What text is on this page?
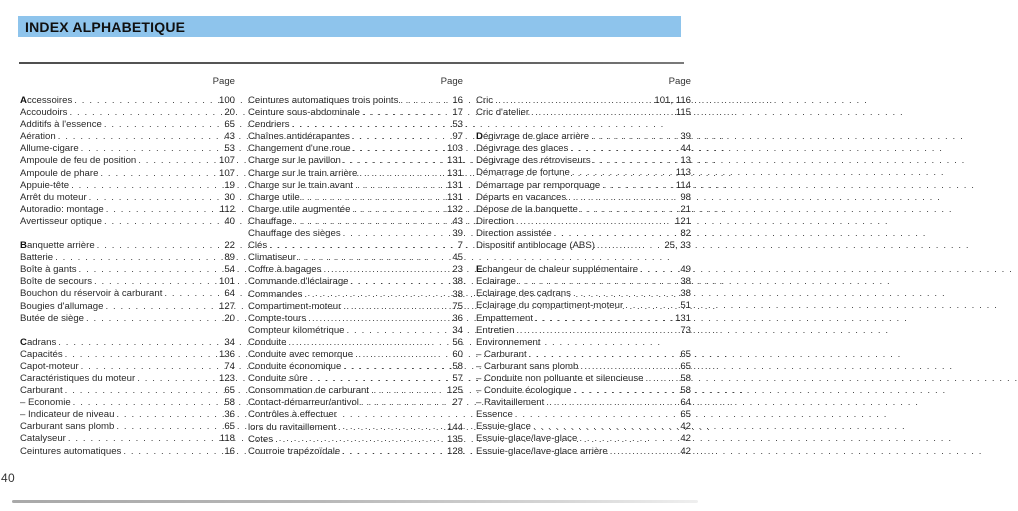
INDEX ALPHABETIQUE
Page
Accessoires . . .	100
Accoudoirs . . .	20
Additifs à l'essence . . .	65
Aération . . .	43
Allume-cigare . . .	53
Ampoule de feu de position . . .	107
Ampoule de phare . . .	107
Appuie-tête . . .	19
Arrêt du moteur . . .	30
Autoradio: montage . . .	112
Avertisseur optique . . .	40
Banquette arrière . . .	22
Batterie . . .	89
Boîte à gants . . .	54
Boîte de secours . . .	101
Bouchon du réservoir à carburant . . .	64
Bougies d'allumage . . .	127
Butée de siège . . .	20
Cadrans . . .	34
Capacités . . .	136
Capot-moteur . . .	74
Caractéristiques du moteur . . .	123
Carburant . . .	65
– Economie . . .	58
– Indicateur de niveau . . .	36
Carburant sans plomb . . .	65
Catalyseur . . .	118
Ceintures automatiques . . .	16
Page
Ceintures automatiques trois points . . .	16
Ceinture sous-abdominale . . .	17
Cendriers . . .	53
Chaînes antidérapantes . . .	97
Changement d'une roue . . .	103
Charge sur le pavillon . . .	131
Charge sur le train arrière . . .	131
Charge sur le train avant . . .	131
Charge utile . . .	131
Charge utile augmentée . . .	132
Chauffage . . .	43
Chauffage des sièges . . .	39
Clés . . .	7
Climatiseur . . .	45
Coffre à bagages . . .	23
Commande d'léclairage . . .	38
Commandes . . .	38
Compartiment-moteur . . .	75
Compte-tours . . .	36
Compteur kilométrique . . .	34
Conduite . . .	56
Conduite avec remorque . . .	60
Conduite économique . . .	58
Conduite sûre . . .	57
Consommation de carburant . . .	125
Contact-démarreur/antivol . . .	27
Contrôles à effectuer
lors du ravitaillement . . .	144
Cotes . . .	135
Courroie trapézoïdale . . .	128
Page
Cric . . .	101, 116
Cric d'atelier . . .	115
Dégivrage de glace arrière . . .	39
Dégivrage des glaces . . .	44
Dégivrage des rétroviseurs . . .	13
Démarrage de fortune . . .	113
Démarrage par remporquage . . .	114
Départs en vacances . . .	98
Dépose de la banquette . . .	21
Direction . . .	121
Direction assistée . . .	82
Dispositif antiblocage (ABS) . . .	25, 33
Echangeur de chaleur supplémentaire . . .	49
Eclairage . . .	38
Eclairage des cadrans . . .	38
Eclairage du compartiment-moteur . . .	51
Empattement . . .	131
Entretien . . .	73
Environnement
– Carburant . . .	65
– Carburant sans plomb . . .	65
– Conduite non polluante et silencieuse . . .	58
– Conduite écologique . . .	58
– Ravitaillement . . .	64
Essence . . .	65
Essuie-glace . . .	42
Essuie-glace/lave-glace . . .	42
Essuie-glace/lave-glace arrière . . .	42
40
